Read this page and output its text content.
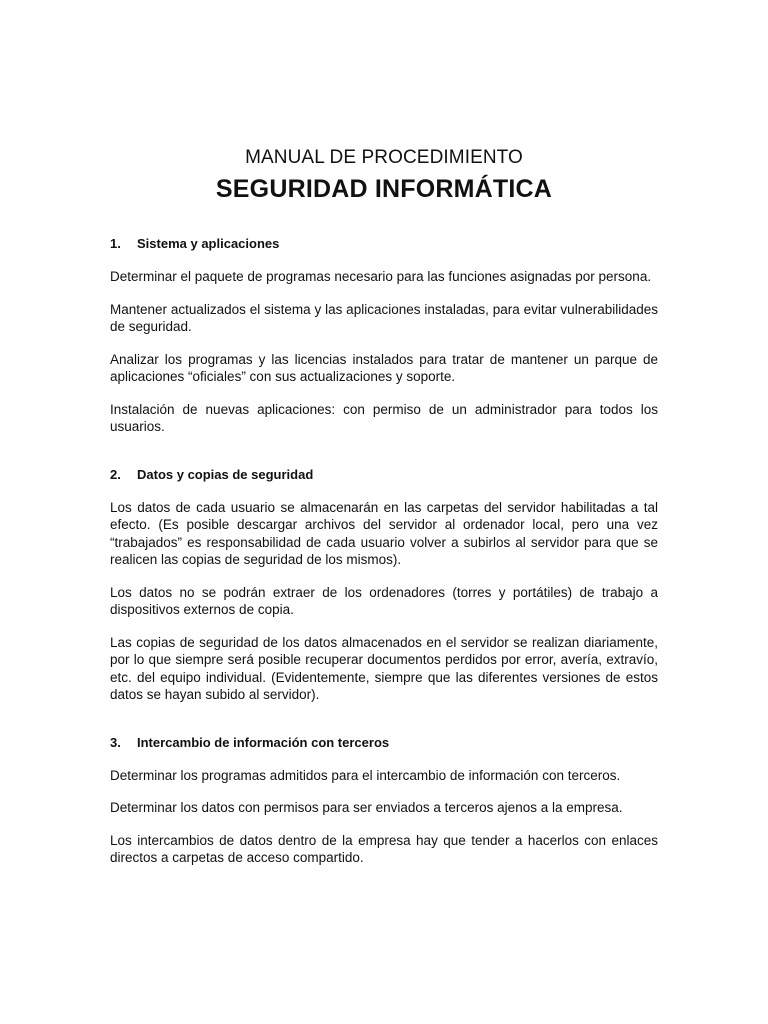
MANUAL DE PROCEDIMIENTO
SEGURIDAD INFORMÁTICA
1.	Sistema y aplicaciones

Determinar el paquete de programas necesario para las funciones asignadas por persona.

Mantener actualizados el sistema y las aplicaciones instaladas, para evitar vulnerabilidades de seguridad.

Analizar los programas y las licencias instalados para tratar de mantener un parque de aplicaciones “oficiales” con sus actualizaciones y soporte.

Instalación de nuevas aplicaciones: con permiso de un administrador para todos los usuarios.

2.	Datos y copias de seguridad

Los datos de cada usuario se almacenarán en las carpetas del servidor habilitadas a tal efecto. (Es posible descargar archivos del servidor al ordenador local, pero una vez “trabajados” es responsabilidad de cada usuario volver a subirlos al servidor para que se realicen las copias de seguridad de los mismos).

Los datos no se podrán extraer de los ordenadores (torres y portátiles) de trabajo a dispositivos externos de copia.

Las copias de seguridad de los datos almacenados en el servidor se realizan diariamente, por lo que siempre será posible recuperar documentos perdidos por error, avería, extravío, etc. del equipo individual. (Evidentemente, siempre que las diferentes versiones de estos datos se hayan subido al servidor).

3.	Intercambio de información con terceros

Determinar los programas admitidos para el intercambio de información con terceros.

Determinar los datos con permisos para ser enviados a terceros ajenos a la empresa.

Los intercambios de datos dentro de la empresa hay que tender a hacerlos con enlaces directos a carpetas de acceso compartido.
